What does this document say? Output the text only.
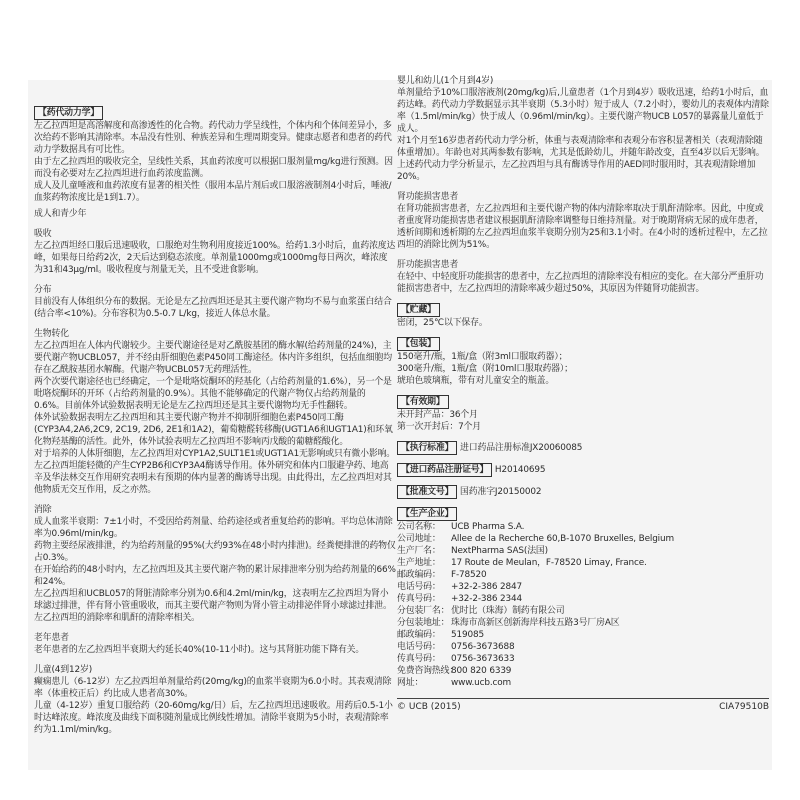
【药代动力学】

左乙拉西坦是高溶解度和高渗透性的化合物。药代动力学呈线性，个体内和个体间差异小，多次给药不影响其清除率。本品没有性别、种族差异和生理周期变异。健康志愿者和患者的药代动力学数据具有可比性。

由于左乙拉西坦的吸收完全，呈线性关系，其血药浓度可以根据口服剂量mg/kg进行预测。因而没有必要对左乙拉西坦进行血药浓度监测。

成人及儿童唾液和血药浓度有显著的相关性（服用本品片剂后或口服溶液制剂4小时后，唾液/血浆药物浓度比是1到1.7）。

成人和青少年

吸收

左乙拉西坦经口服后迅速吸收，口服绝对生物利用度接近100%。给药1.3小时后，血药浓度达峰，如果每日给药2次，2天后达到稳态浓度。单剂量1000mg或1000mg每日两次，峰浓度为31和43μg/ml。吸收程度与剂量无关，且不受进食影响。

分布

目前没有人体组织分布的数据。无论是左乙拉西坦还是其主要代谢产物均不易与血浆蛋白结合(结合率<10%)。分布容积为0.5-0.7 L/kg，接近人体总水量。

生物转化

左乙拉西坦在人体内代谢较少。主要代谢途径是对乙酰胺基团的酶水解(给药剂量的24%)，主要代谢产物UCBL057，并不经由肝细胞色素P450同工酶途径。体内许多组织，包括血细胞均存在乙酰胺基团水解酶。代谢产物UCBL057无药理活性。

两个次要代谢途径也已经确定，一个是吡咯烷酮环的羟基化（占给药剂量的1.6%），另一个是吡咯烷酮环的开环（占给药剂量的0.9%）。其他不能够确定的代谢产物仅占给药剂量的0.6%。目前体外试验数据表明无论是左乙拉西坦还是其主要代谢物均无手性翻转。

体外试验数据表明左乙拉西坦和其主要代谢产物并不抑制肝细胞色素P450同工酶(CYP3A4,2A6,2C9, 2C19, 2D6, 2E1和1A2)，葡萄糖醛转移酶(UGT1A6和UGT1A1)和环氧化物羟基酶的活性。此外，体外试验表明左乙拉西坦不影响丙戊酸的葡糖醛酸化。

对于培养的人体肝细胞，左乙拉西坦对CYP1A2,SULT1E1或UGT1A1无影响或只有微小影响。左乙拉西坦能轻微的产生CYP2B6和CYP3A4酶诱导作用。体外研究和体内口服避孕药、地高辛及华法林交互作用研究表明未有预期的体内显著的酶诱导出现。由此得出，左乙拉西坦对其他物质无交互作用，反之亦然。

消除

成人血浆半衰期：7±1小时，不受因给药剂量、给药途径或者重复给药的影响。平均总体清除率为0.96ml/min/kg。

药物主要经尿液排泄，约为给药剂量的95%(大约93%在48小时内排泄)。经粪便排泄的药物仅占0.3%。

在开始给药的48小时内，左乙拉西坦及其主要代谢产物的累计尿排泄率分别为给药剂量的66%和24%。

左乙拉西坦和UCBL057的肾脏清除率分别为0.6和4.2ml/min/kg，这表明左乙拉西坦为肾小球滤过排泄，伴有肾小管重吸收，而其主要代谢产物则为肾小管主动排泌伴肾小球滤过排泄。左乙拉西坦的消除率和肌酐的清除率相关。

老年患者

老年患者的左乙拉西坦半衰期大约延长40%(10-11小时)。这与其肾脏功能下降有关。

儿童(4到12岁)

癫痫患儿（6-12岁）左乙拉西坦单剂量给药(20mg/kg)的血浆半衰期为6.0小时。其表观清除率（体重校正后）约比成人患者高30%。

儿童（4-12岁）重复口服给药（20-60mg/kg/日）后，左乙拉西坦迅速吸收。用药后0.5-1小时达峰浓度。峰浓度及曲线下面积随剂量成比例线性增加。清除半衰期为5小时，表观清除率约为1.1ml/min/kg。

婴儿和幼儿(1个月到4岁)

单剂量给予10%口服溶液剂(20mg/kg)后,儿童患者（1个月到4岁）吸收迅速，给药1小时后，血药达峰。药代动力学数据显示其半衰期（5.3小时）短于成人（7.2小时），婴幼儿的表观体内清除率（1.5ml/min/kg）快于成人（0.96ml/min/kg）。主要代谢产物UCB L057的暴露量儿童低于成人。

对1个月至16岁患者药代动力学分析，体重与表观清除率和表观分布容积显著相关（表观清除随体重增加）。年龄也对其两参数有影响，尤其是低龄幼儿，并随年龄改变，直至4岁以后无影响。

上述药代动力学分析显示，左乙拉西坦与具有酶诱导作用的AED同时服用时，其表观清除增加20%。

肾功能损害患者

在肾功能损害患者，左乙拉西坦和主要代谢产物的体内清除率取决于肌酐清除率。因此，中度或者重度肾功能损害患者建议根据肌酐清除率调整每日维持剂量。对于晚期肾病无尿的成年患者，透析间期和透析期的左乙拉西坦血浆半衰期分别为25和3.1小时。在4小时的透析过程中，左乙拉西坦的消除比例为51%。

肝功能损害患者

在轻中、中轻度肝功能损害的患者中，左乙拉西坦的清除率没有相应的变化。在大部分严重肝功能损害患者中，左乙拉西坦的清除率减少超过50%，其原因为伴随肾功能损害。

【贮藏】

密闭，25℃以下保存。

【包装】

150毫升/瓶，1瓶/盒（附3ml口服取药器）；

300毫升/瓶，1瓶/盒（附10ml口服取药器）；

琥珀色玻璃瓶，带有对儿童安全的瓶盖。

【有效期】

未开封产品：36个月

第一次开封后：7个月

【执行标准】 进口药品注册标准JX20060085
【进口药品注册证号】 H20140695
【批准文号】 国药准字J20150002
【生产企业】
公司名称：	UCB Pharma S.A.
公司地址：	Allee de la Recherche 60,B-1070 Bruxelles, Belgium
生产厂名：	NextPharma SAS(法国)
生产地址：	17 Route de Meulan，F-78520 Limay, France.
邮政编码：	F-78520
电话号码：	+32-2-386 2847
传真号码：	+32-2-386 2344
分包装厂名： 优时比（珠海）制药有限公司
分包装地址： 珠海市高新区创新海岸科技五路3号厂房A区
邮政编码：	519085
电话号码：	0756-3673688
传真号码：	0756-3673633
免费咨询热线：
800 820 6339
网址：	www.ucb.com
© UCB (2015)	CIA79510B
